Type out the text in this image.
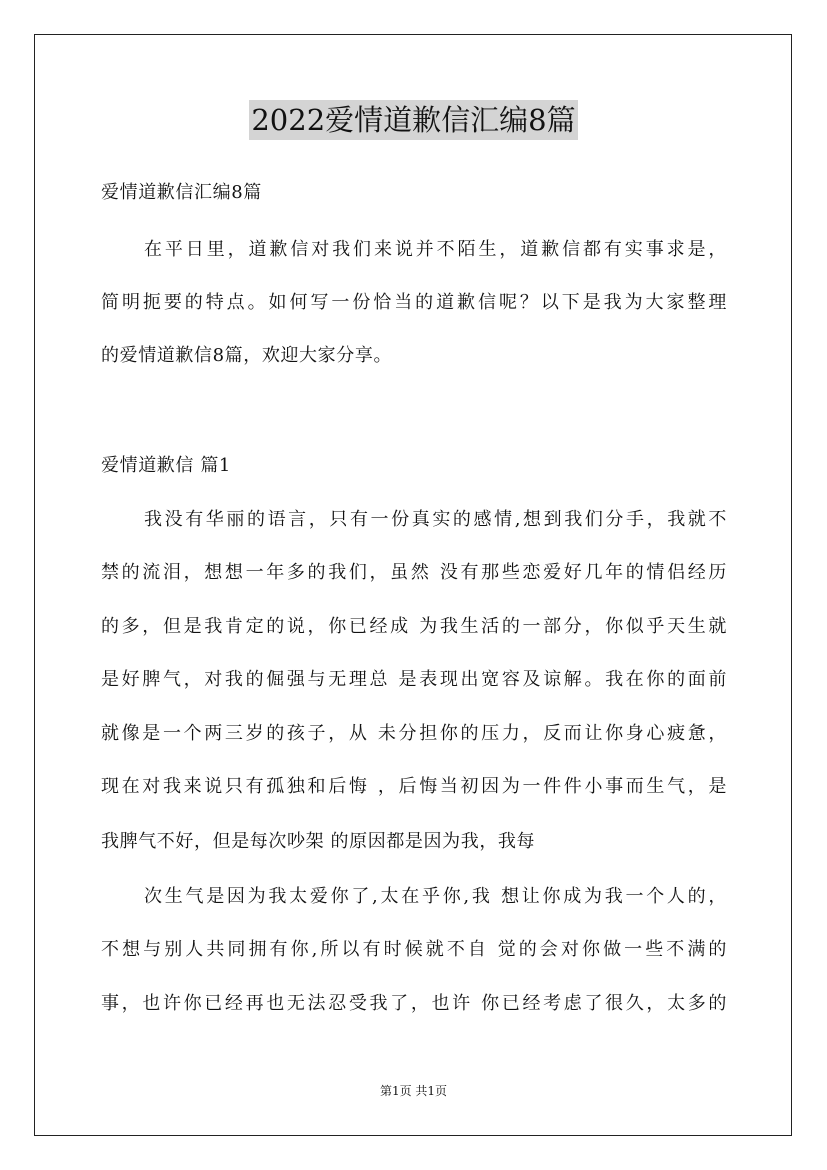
2022爱情道歉信汇编8篇
爱情道歉信汇编8篇
在平日里，道歉信对我们来说并不陌生，道歉信都有实事求是，
简明扼要的特点。如何写一份恰当的道歉信呢？以下是我为大家整理
的爱情道歉信8篇，欢迎大家分享。
爱情道歉信 篇1
我没有华丽的语言，只有一份真实的感情,想到我们分手，我就不
禁的流泪，想想一年多的我们，虽然 没有那些恋爱好几年的情侣经历
的多，但是我肯定的说，你已经成 为我生活的一部分，你似乎天生就
是好脾气，对我的倔强与无理总 是表现出宽容及谅解。我在你的面前
就像是一个两三岁的孩子，从 未分担你的压力，反而让你身心疲惫，
现在对我来说只有孤独和后悔 ，后悔当初因为一件件小事而生气，是
我脾气不好，但是每次吵架 的原因都是因为我，我每
次生气是因为我太爱你了,太在乎你,我 想让你成为我一个人的，
不想与别人共同拥有你,所以有时候就不自 觉的会对你做一些不满的
事，也许你已经再也无法忍受我了，也许 你已经考虑了很久，太多的
第1页 共1页
